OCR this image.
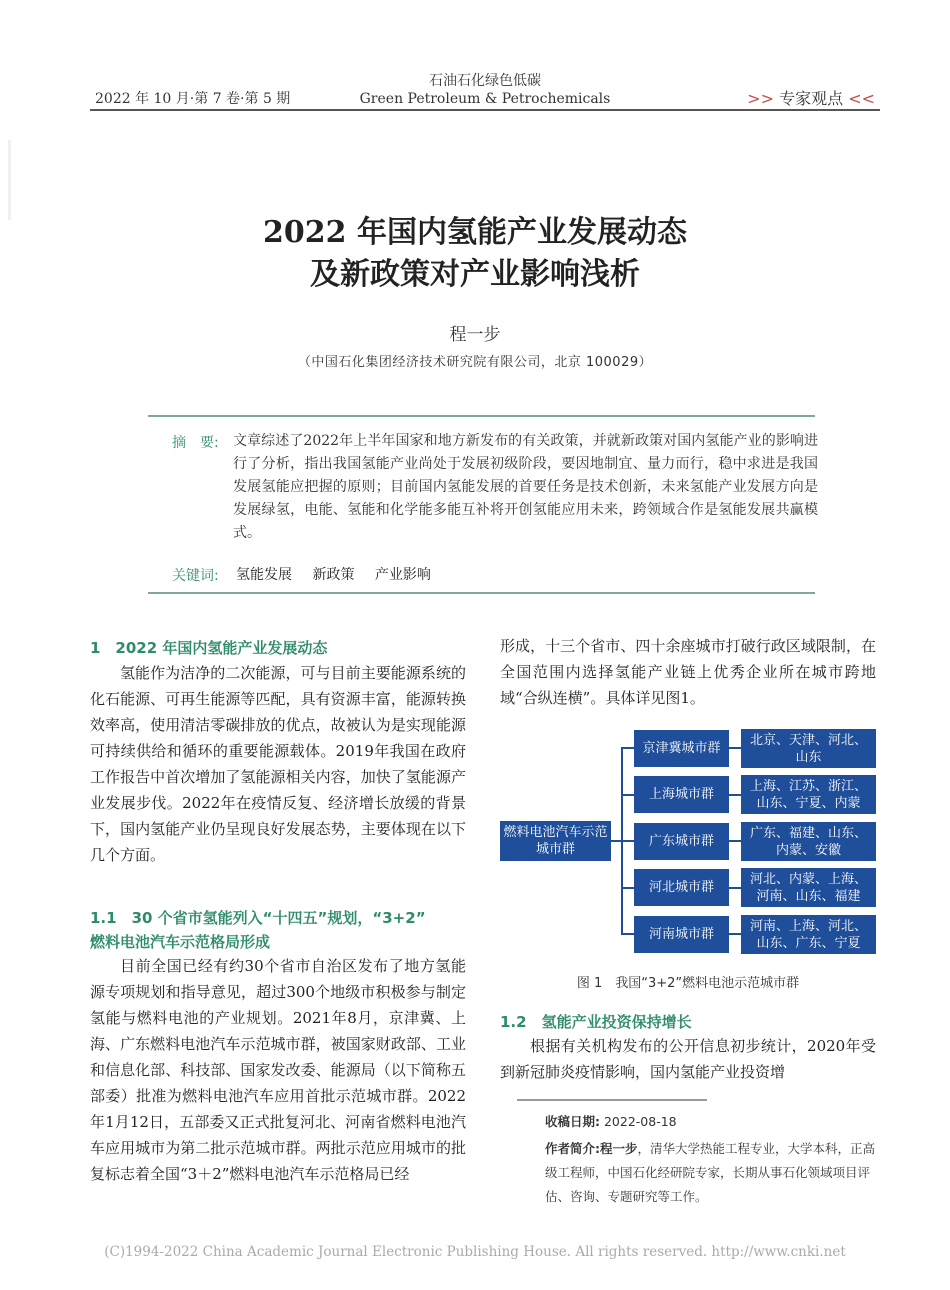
2022 年 10 月·第 7 卷·第 5 期
石油石化绿色低碳
Green Petroleum & Petrochemicals	>> 专家观点 <<
2022 年国内氢能产业发展动态
及新政策对产业影响浅析
程一步
（中国石化集团经济技术研究院有限公司，北京 100029）
摘　要: 文章综述了2022年上半年国家和地方新发布的有关政策，并就新政策对国内氢能产业的影响进行了分析，指出我国氢能产业尚处于发展初级阶段，要因地制宜、量力而行，稳中求进是我国发展氢能应把握的原则；目前国内氢能发展的首要任务是技术创新，未来氢能产业发展方向是发展绿氢，电能、氢能和化学能多能互补将开创氢能应用未来，跨领域合作是氢能发展共赢模式。
关键词: 氢能发展 新政策 产业影响
1　2022 年国内氢能产业发展动态
氢能作为洁净的二次能源，可与目前主要能源系统的化石能源、可再生能源等匹配，具有资源丰富，能源转换效率高，使用清洁零碳排放的优点，故被认为是实现能源可持续供给和循环的重要能源载体。2019年我国在政府工作报告中首次增加了氢能源相关内容，加快了氢能源产业发展步伐。2022年在疫情反复、经济增长放缓的背景下，国内氢能产业仍呈现良好发展态势，主要体现在以下几个方面。
1.1　30 个省市氢能列入“十四五”规划，“3+2”
燃料电池汽车示范格局形成
目前全国已经有约30个省市自治区发布了地方氢能源专项规划和指导意见，超过300个地级市积极参与制定氢能与燃料电池的产业规划。2021年8月，京津冀、上海、广东燃料电池汽车示范城市群，被国家财政部、工业和信息化部、科技部、国家发改委、能源局（以下简称五部委）批准为燃料电池汽车应用首批示范城市群。2022年1月12日，五部委又正式批复河北、河南省燃料电池汽车应用城市为第二批示范城市群。两批示范应用城市的批复标志着全国“3＋2”燃料电池汽车示范格局已经
形成，十三个省市、四十余座城市打破行政区域限制，在全国范围内选择氢能产业链上优秀企业所在城市跨地域“合纵连横”。具体详见图1。
燃料电池汽车示范城市群
京津冀城市群
上海城市群
广东城市群
河北城市群
河南城市群
北京、天津、河北、山东
上海、江苏、浙江、山东、宁夏、内蒙
广东、福建、山东、内蒙、安徽
河北、内蒙、上海、河南、山东、福建
河南、上海、河北、山东、广东、宁夏
图 1　我国“3+2”燃料电池示范城市群
1.2　氢能产业投资保持增长
根据有关机构发布的公开信息初步统计，2020年受到新冠肺炎疫情影响，国内氢能产业投资增
收稿日期: 2022-08-18
作者简介:程一步，清华大学热能工程专业，大学本科，正高级工程师，中国石化经研院专家，长期从事石化领域项目评估、咨询、专题研究等工作。
(C)1994-2022 China Academic Journal Electronic Publishing House. All rights reserved. http://www.cnki.net
